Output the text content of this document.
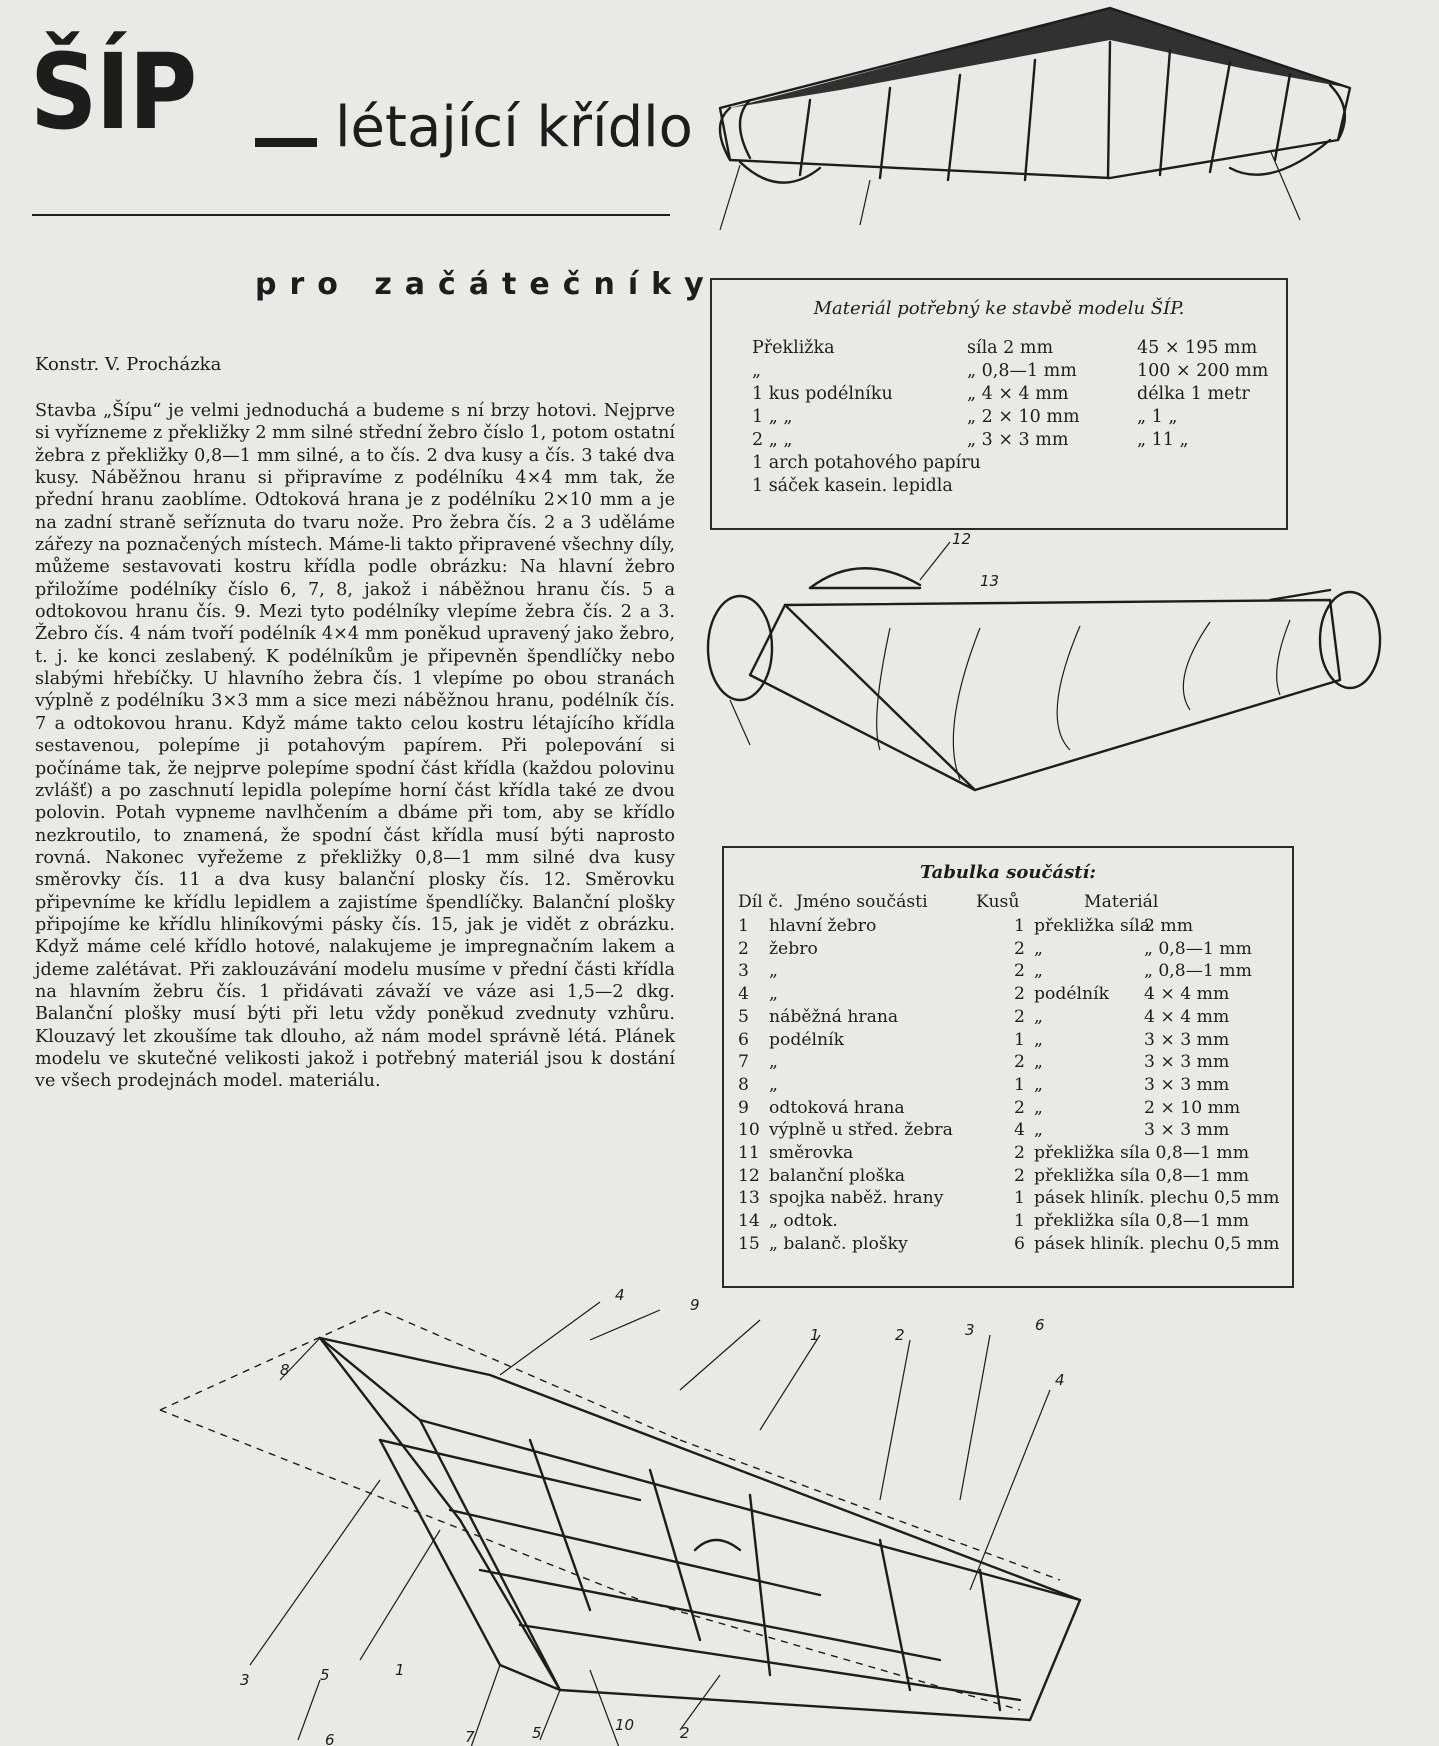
ŠÍP létající křídlo
pro začátečníky
Konstr. V. Procházka

Stavba „Šípu“ je velmi jednoduchá a budeme s ní brzy hotovi. Nejprve si vyřízneme z překližky 2 mm silné střední žebro číslo 1, potom ostatní žebra z překližky 0,8—1 mm silné, a to čís. 2 dva kusy a čís. 3 také dva kusy. Náběžnou hranu si připravíme z podélníku 4×4 mm tak, že přední hranu zaoblíme. Odtoková hrana je z podélníku 2×10 mm a je na zadní straně seříznuta do tvaru nože. Pro žebra čís. 2 a 3 uděláme zářezy na poznačených místech. Máme-li takto připravené všechny díly, můžeme sestavovati kostru křídla podle obrázku: Na hlavní žebro přiložíme podélníky číslo 6, 7, 8, jakož i náběžnou hranu čís. 5 a odtokovou hranu čís. 9. Mezi tyto podélníky vlepíme žebra čís. 2 a 3. Žebro čís. 4 nám tvoří podélník 4×4 mm poněkud upravený jako žebro, t. j. ke konci zeslabený. K podélníkům je připevněn špendlíčky nebo slabými hřebíčky. U hlavního žebra čís. 1 vlepíme po obou stranách výplně z podélníku 3×3 mm a sice mezi náběžnou hranu, podélník čís. 7 a odtokovou hranu. Když máme takto celou kostru létajícího křídla sestavenou, polepíme ji potahovým papírem. Při polepování si počínáme tak, že nejprve polepíme spodní část křídla (každou polovinu zvlášť) a po zaschnutí lepidla polepíme horní část křídla také ze dvou polovin. Potah vypneme navlhčením a dbáme při tom, aby se křídlo nezkroutilo, to znamená, že spodní část křídla musí býti naprosto rovná. Nakonec vyřežeme z překližky 0,8—1 mm silné dva kusy směrovky čís. 11 a dva kusy balanční plosky čís. 12. Směrovku připevníme ke křídlu lepidlem a zajistíme špendlíčky. Balanční plošky připojíme ke křídlu hliníkovými pásky čís. 15, jak je vidět z obrázku. Když máme celé křídlo hotové, nalakujeme je impregnačním lakem a jdeme zalétávat. Při zaklouzávání modelu musíme v přední části křídla na hlavním žebru čís. 1 přidávati závaží ve váze asi 1,5—2 dkg. Balanční plošky musí býti při letu vždy poněkud zvednuty vzhůru. Klouzavý let zkoušíme tak dlouho, až nám model správně létá. Plánek modelu ve skutečné velikosti jakož i potřebný materiál jsou k dostání ve všech prodejnách model. materiálu.

Materiál potřebný ke stavbě modelu ŠÍP.
Překližka	síla 2 mm	45 × 195 mm
„	„ 0,8—1 mm	100 × 200 mm
1 kus podélníku	„ 4 × 4 mm	délka 1 metr
1 „ „	„ 2 × 10 mm	„ 1 „
2 „ „	„ 3 × 3 mm	„ 11 „
1 arch potahového papíru
1 sáček kasein. lepidla
12
13
Tabulka součástí:
Díl č. Jméno součásti	Kusů	Materiál
1 hlavní žebro	1 překližka síla
2 mm
2 žebro	2 „	„ 0,8—1 mm
3 „	2 „	„ 0,8—1 mm
4 „	2 podélník 4 × 4 mm
5 náběžná hrana	2 „	4 × 4 mm
6 podélník	1 „	3 × 3 mm
7 „	2 „	3 × 3 mm
8 „	1 „	3 × 3 mm
9 odtoková hrana	2 „	2 × 10 mm
10 výplně u střed. žebra	4 „	3 × 3 mm
11 směrovka	2 překližka síla 0,8—1 mm
12 balanční ploška	2 překližka síla 0,8—1 mm
13 spojka naběž. hrany	1 pásek hliník. plechu 0,5 mm
14 „ odtok.	1 překližka síla 0,8—1 mm
15 „ balanč. plošky	6 pásek hliník. plechu 0,5 mm
4
9
1	2	3	6
4
3	5	1
6	7	5	10	2
8
